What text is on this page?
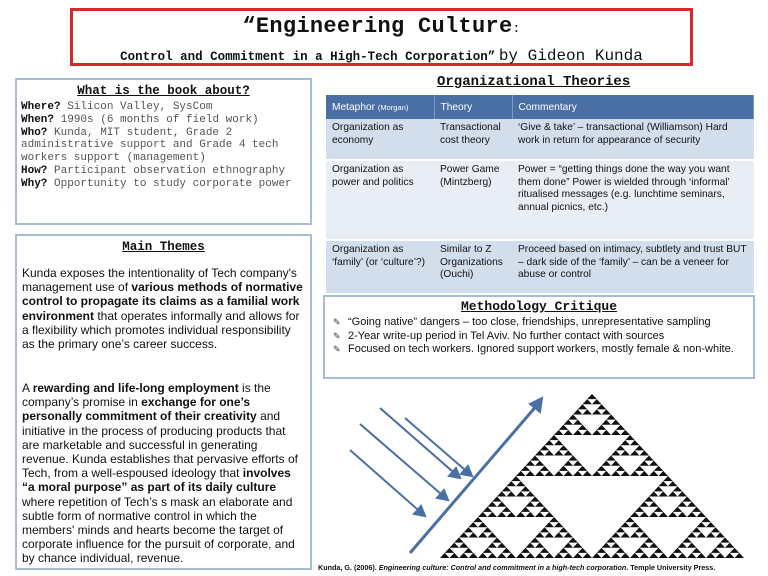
“Engineering Culture:
Control and Commitment in a High-Tech Corporation” by Gideon Kunda
What is the book about?
Where? Silicon Valley, SysCom
When? 1990s (6 months of field work)
Who? Kunda, MIT student, Grade 2
administrative support and Grade 4 tech
workers support (management)
How? Participant observation ethnography
Why? Opportunity to study corporate power
Main Themes
Kunda exposes the intentionality of Tech company's management use of various methods of normative control to propagate its claims as a familial work environment that operates informally and allows for a flexibility which promotes individual responsibility as the primary one’s career success.
A rewarding and life-long employment is the company’s promise in exchange for one’s personally commitment of their creativity and initiative in the process of producing products that are marketable and successful in generating revenue. Kunda establishes that pervasive efforts of Tech, from a well-espoused ideology that involves “a moral purpose” as part of its daily culture where repetition of Tech’s s mask an elaborate and subtle form of normative control in which the members' minds and hearts become the target of corporate influence for the pursuit of corporate, and by chance individual, revenue.
Organizational Theories
Metaphor (Morgan)	Theory	Commentary
Organization as economy	Transactional cost theory	‘Give & take’ – transactional (Williamson) Hard work in return for appearance of security
Organization as power and politics	Power Game (Mintzberg)	Power = “getting things done the way you want them done” Power is wielded through ‘informal’ ritualised messages (e.g. lunchtime seminars, annual picnics, etc.)
Organization as ‘family’ (or ‘culture’?)	Similar to Z Organizations (Ouchi)	Proceed based on intimacy, subtlety and trust BUT – dark side of the ‘family’ – can be a veneer for abuse or control
Methodology Critique
✎ “Going native” dangers – too close, friendships, unrepresentative sampling
✎ 2-Year write-up period in Tel Aviv. No further contact with sources
✎ Focused on tech workers. Ignored support workers, mostly female & non-white.
Kunda, G. (2006). Engineering culture: Control and commitment in a high-tech corporation. Temple University Press.
